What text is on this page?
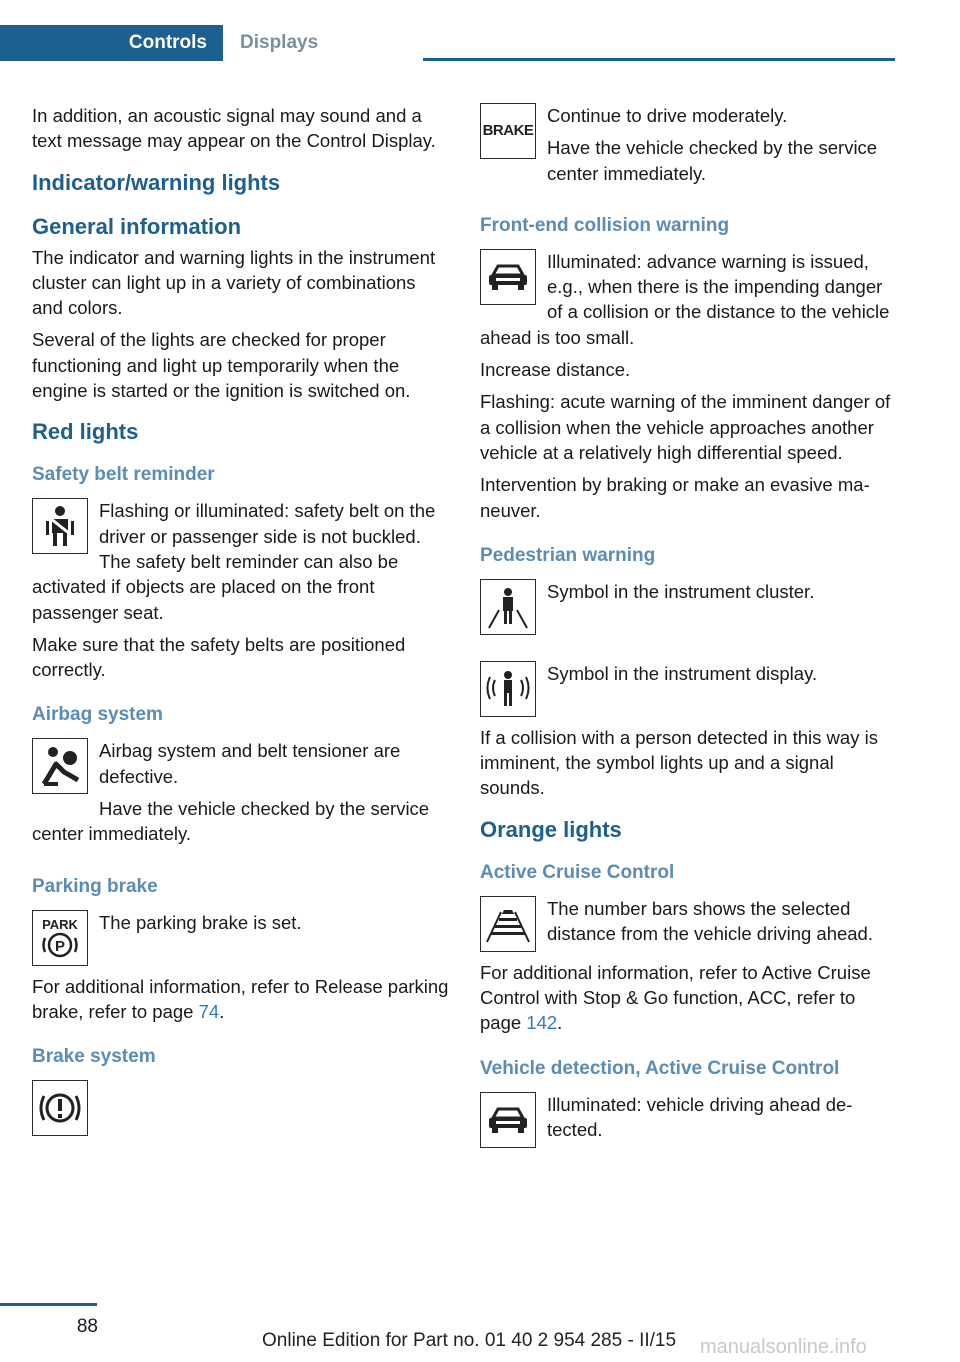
Controls	Displays

In addition, an acoustic signal may sound and a text message may appear on the Control Display.

Indicator/warning lights
General information

The indicator and warning lights in the instrument cluster can light up in a variety of combinations and colors.

Several of the lights are checked for proper functioning and light up temporarily when the engine is started or the ignition is switched on.

Red lights
Safety belt reminder

Flashing or illuminated: safety belt on the driver or passenger side is not buckled. The safety belt reminder can also be activated if objects are placed on the front passenger seat.

Make sure that the safety belts are positioned correctly.

Airbag system

Airbag system and belt tensioner are defective.

Have the vehicle checked by the service center immediately.

Parking brake
PARK
P

The parking brake is set.

For additional information, refer to Release parking brake, refer to page 74.

Brake system
BRAKE

Continue to drive moderately.

Have the vehicle checked by the service center immediately.

Front-end collision warning

Illuminated: advance warning is issued, e.g., when there is the impending danger of a collision or the distance to the vehicle ahead is too small.

Increase distance.

Flashing: acute warning of the imminent danger of a collision when the vehicle approaches another vehicle at a relatively high differential speed.

Intervention by braking or make an evasive maneuver.

Pedestrian warning

Symbol in the instrument cluster.

Symbol in the instrument display.

If a collision with a person detected in this way is imminent, the symbol lights up and a signal sounds.

Orange lights
Active Cruise Control

The number bars shows the selected distance from the vehicle driving ahead.

For additional information, refer to Active Cruise Control with Stop & Go function, ACC, refer to page 142.

Vehicle detection, Active Cruise Control

Illuminated: vehicle driving ahead detected.

88
Online Edition for Part no. 01 40 2 954 285 - II/15 manualsonline.info
